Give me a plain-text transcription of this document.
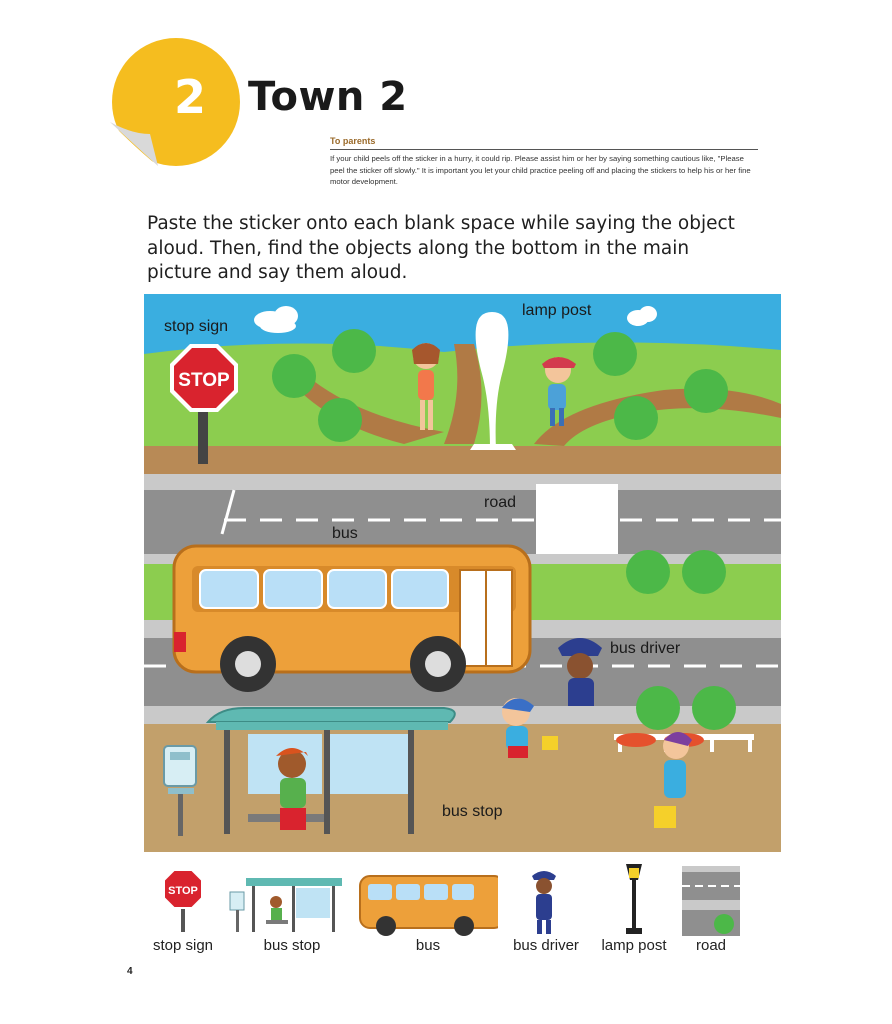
2 Town 2
To parents
If your child peels off the sticker in a hurry, it could rip. Please assist him or her by saying something cautious like, "Please peel the sticker off slowly." It is important you let your child practice peeling off and placing the stickers to help his or her fine motor development.
Paste the sticker onto each blank space while saying the object aloud. Then, find the objects along the bottom in the main picture and say them aloud.
STOP
stop sign
lamp post
road
bus
bus driver
bus stop
STOP
stop sign	bus stop	bus	bus driver	lamp post	road
4
